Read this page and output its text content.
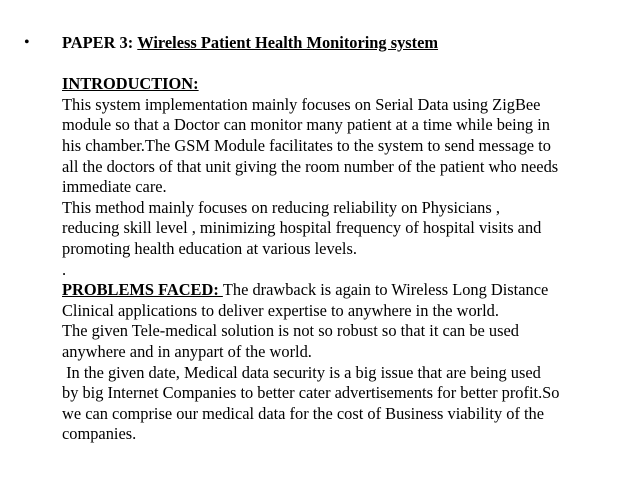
• PAPER 3: Wireless Patient Health Monitoring system
INTRODUCTION:
This system implementation mainly focuses on Serial Data using ZigBee
module so that a Doctor can monitor many patient at a time while being in
his chamber.The GSM Module facilitates to the system to send message to
all the doctors of that unit giving the room number of the patient who needs
immediate care.
This method mainly focuses on reducing reliability on Physicians ,
reducing skill level , minimizing hospital frequency of hospital visits and
promoting health education at various levels.
.
PROBLEMS FACED: The drawback is again to Wireless Long Distance
Clinical applications to deliver expertise to anywhere in the world.
The given Tele-medical solution is not so robust so that it can be used
anywhere and in anypart of the world.
In the given date, Medical data security is a big issue that are being used
by big Internet Companies to better cater advertisements for better profit.So
we can comprise our medical data for the cost of Business viability of the
companies.
